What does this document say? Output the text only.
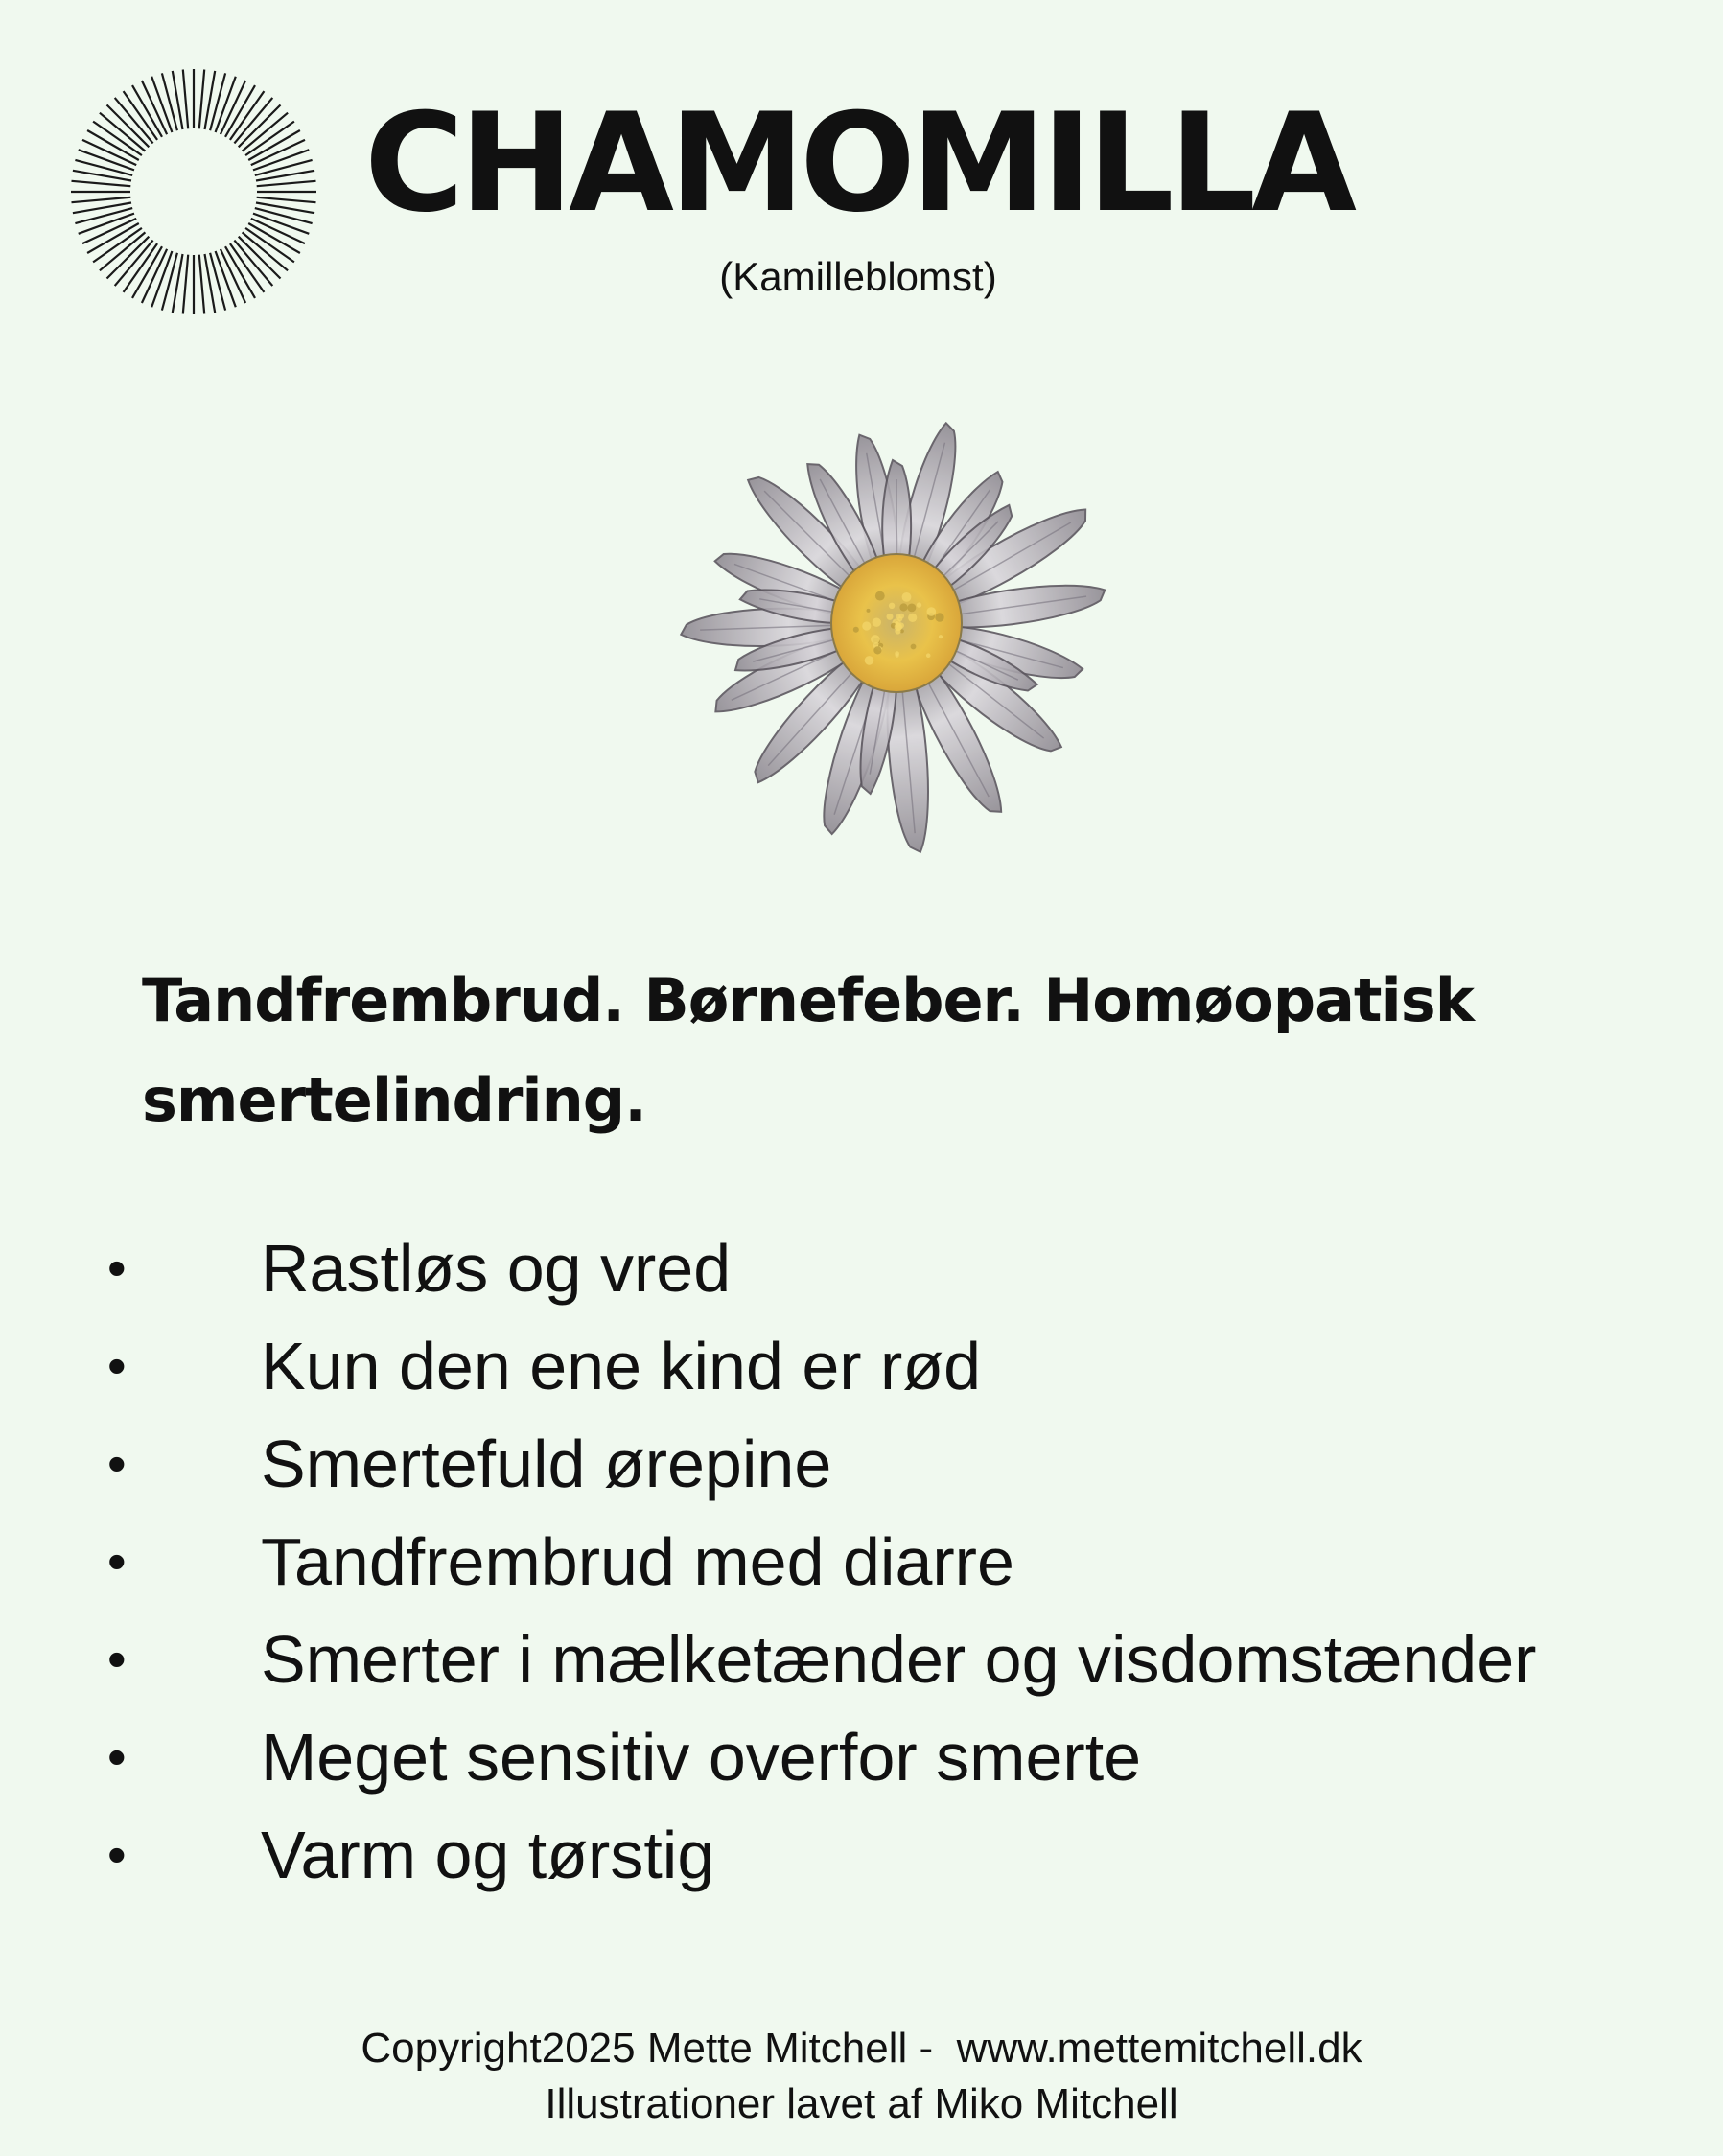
CHAMOMILLA
(Kamilleblomst)

Tandfrembrud. Børnefeber. Homøopatisk smertelindring.

• Rastløs og vred
• Kun den ene kind er rød
• Smertefuld ørepine
• Tandfrembrud med diarre
• Smerter i mælketænder og visdomstænder
• Meget sensitiv overfor smerte
• Varm og tørstig
Copyright2025 Mette Mitchell -  www.mettemitchell.dk
Illustrationer lavet af Miko Mitchell
